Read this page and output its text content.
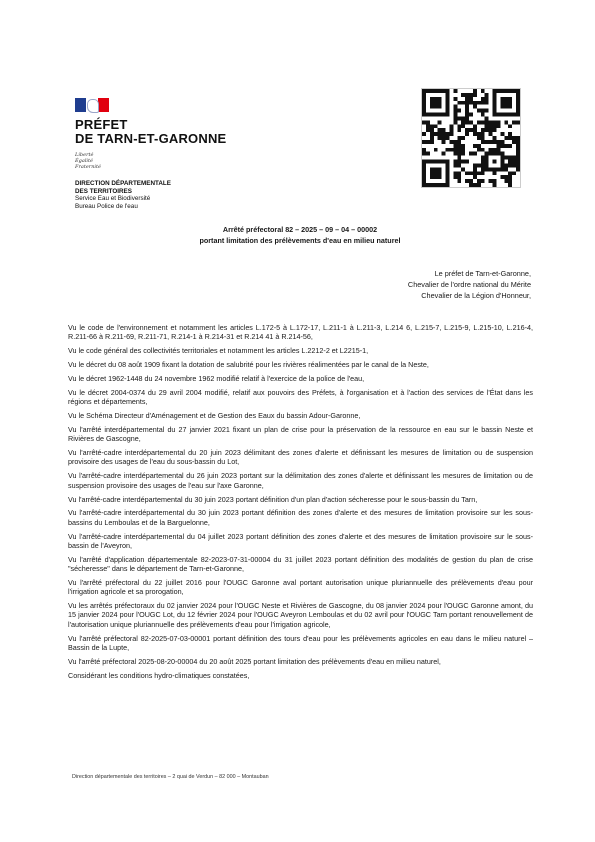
PRÉFET
DE TARN-ET-GARONNE
Liberté
Égalité
Fraternité
DIRECTION DÉPARTEMENTALE
DES TERRITOIRES
Service Eau et Biodiversité
Bureau Police de l'eau
Arrêté préfectoral 82 – 2025 – 09 – 04 – 00002
portant limitation des prélèvements d'eau en milieu naturel
Le préfet de Tarn-et-Garonne,
Chevalier de l'ordre national du Mérite
Chevalier de la Légion d'Honneur,

Vu le code de l'environnement et notamment les articles L.172-5 à L.172-17, L.211-1 à L.211-3, L.214 6, L.215-7, L.215-9, L.215-10, L.216-4, R.211-66 à R.211-69, R.211-71, R.214-1 à R.214-31 et R.214 41 à R.214-56,

Vu le code général des collectivités territoriales et notamment les articles L.2212-2 et L2215-1,

Vu le décret du 08 août 1909 fixant la dotation de salubrité pour les rivières réalimentées par le canal de la Neste,

Vu le décret 1962-1448 du 24 novembre 1962 modifié relatif à l'exercice de la police de l'eau,

Vu le décret 2004-0374 du 29 avril 2004 modifié, relatif aux pouvoirs des Préfets, à l'organisation et à l'action des services de l'État dans les régions et départements,

Vu le Schéma Directeur d'Aménagement et de Gestion des Eaux du bassin Adour-Garonne,

Vu l'arrêté interdépartemental du 27 janvier 2021 fixant un plan de crise pour la préservation de la ressource en eau sur le bassin Neste et Rivières de Gascogne,

Vu l'arrêté-cadre interdépartemental du 20 juin 2023 délimitant des zones d'alerte et définissant les mesures de limitation ou de suspension provisoire des usages de l'eau du sous-bassin du Lot,

Vu l'arrêté-cadre interdépartemental du 26 juin 2023 portant sur la délimitation des zones d'alerte et définissant les mesures de limitation ou de suspension provisoire des usages de l'eau sur l'axe Garonne,

Vu l'arrêté-cadre interdépartemental du 30 juin 2023 portant définition d'un plan d'action sécheresse pour le sous-bassin du Tarn,

Vu l'arrêté-cadre interdépartemental du 30 juin 2023 portant définition des zones d'alerte et des mesures de limitation provisoire sur les sous-bassins du Lemboulas et de la Barguelonne,

Vu l'arrêté-cadre interdépartemental du 04 juillet 2023 portant définition des zones d'alerte et des mesures de limitation provisoire sur le sous-bassin de l'Aveyron,

Vu l'arrêté d'application départementale 82-2023-07-31-00004 du 31 juillet 2023 portant définition des modalités de gestion du plan de crise "sécheresse" dans le département de Tarn-et-Garonne,

Vu l'arrêté préfectoral du 22 juillet 2016 pour l'OUGC Garonne aval portant autorisation unique pluriannuelle des prélèvements d'eau pour l'irrigation agricole et sa prorogation,

Vu les arrêtés préfectoraux du 02 janvier 2024 pour l'OUGC Neste et Rivières de Gascogne, du 08 janvier 2024 pour l'OUGC Garonne amont, du 15 janvier 2024 pour l'OUGC Lot, du 12 février 2024 pour l'OUGC Aveyron Lemboulas et du 02 avril pour l'OUGC Tarn portant renouvellement de l'autorisation unique pluriannuelle des prélèvements d'eau pour l'irrigation agricole,

Vu l'arrêté préfectoral 82-2025-07-03-00001 portant définition des tours d'eau pour les prélèvements agricoles en eau dans le milieu naturel – Bassin de la Lupte,

Vu l'arrêté préfectoral 2025-08-20-00004 du 20 août 2025 portant limitation des prélèvements d'eau en milieu naturel,

Considérant les conditions hydro-climatiques constatées,

Direction départementale des territoires – 2 quai de Verdun – 82 000 – Montauban
